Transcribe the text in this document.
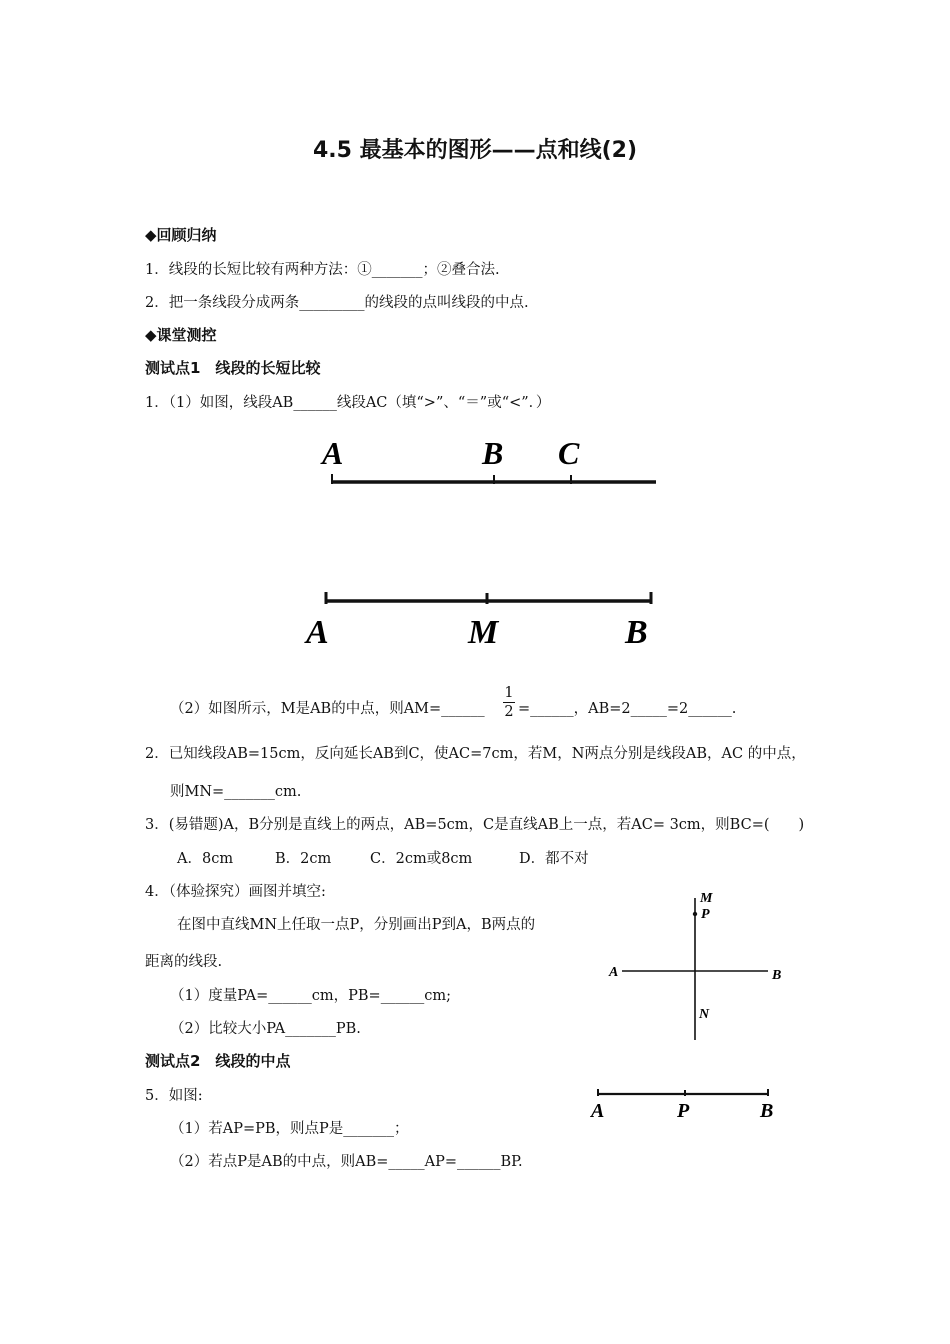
4.5 最基本的图形——点和线(2)
◆回顾归纳
1．线段的长短比较有两种方法：①_______；②叠合法.
2．把一条线段分成两条_________的线段的点叫线段的中点.
◆课堂测控
测试点1　线段的长短比较
1．（1）如图，线段AB______线段AC（填“>”、“＝”或“<”．）
A	B C
A	M	B
（2）如图所示，M是AB的中点，则AM=______
1
2 =______，AB=2_____=2______.
2．已知线段AB=15cm，反向延长AB到C，使AC=7cm，若M，N两点分别是线段AB，AC 的中点，
则MN=_______cm.
3．(易错题)A，B分别是直线上的两点，AB=5cm，C是直线AB上一点，若AC= 3cm，则BC=(　　)
A．8cm	B．2cm	C．2cm或8cm	D．都不对
4．（体验探究）画图并填空:
在图中直线MN上任取一点P，分别画出P到A，B两点的
距离的线段.
（1）度量PA=______cm，PB=______cm;
（2）比较大小PA_______PB.
M
P
A	B
N
测试点2　线段的中点
5．如图:
（1）若AP=PB，则点P是_______；
（2）若点P是AB的中点，则AB=_____AP=______BP.
A	P	B
